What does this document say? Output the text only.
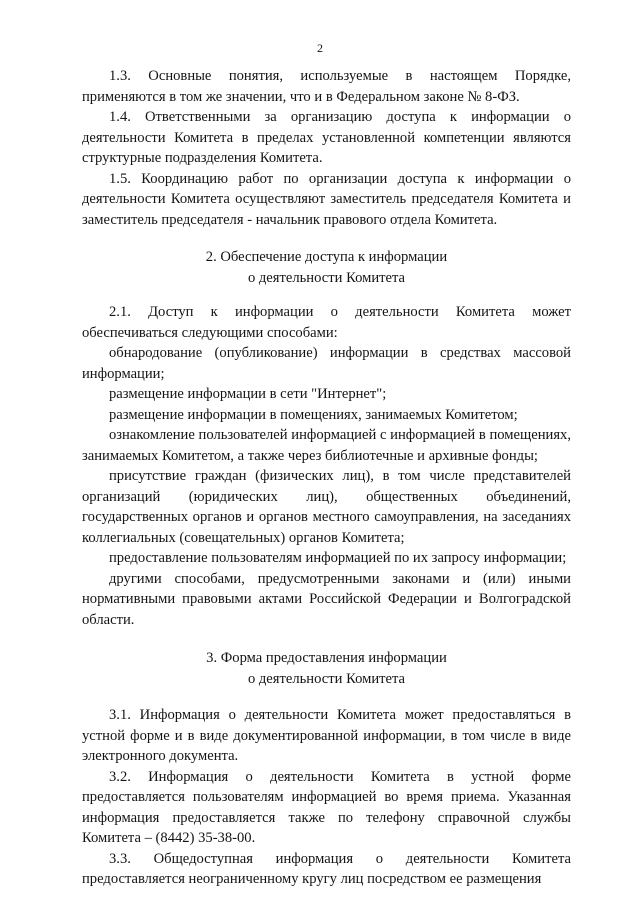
2

1.3. Основные понятия, используемые в настоящем Порядке, применяются в том же значении, что и в Федеральном законе № 8-ФЗ.

1.4. Ответственными за организацию доступа к информации о деятельности Комитета в пределах установленной компетенции являются структурные подразделения Комитета.

1.5. Координацию работ по организации доступа к информации о деятельности Комитета осуществляют заместитель председателя Комитета и заместитель председателя - начальник правового отдела Комитета.

2. Обеспечение доступа к информации
о деятельности Комитета

2.1. Доступ к информации о деятельности Комитета может обеспечиваться следующими способами:

обнародование (опубликование) информации в средствах массовой информации;

размещение информации в сети "Интернет";

размещение информации в помещениях, занимаемых Комитетом;

ознакомление пользователей информацией с информацией в помещениях, занимаемых Комитетом, а также через библиотечные и архивные фонды;

присутствие граждан (физических лиц), в том числе представителей организаций (юридических лиц), общественных объединений, государственных органов и органов местного самоуправления, на заседаниях коллегиальных (совещательных) органов Комитета;

предоставление пользователям информацией по их запросу информации;

другими способами, предусмотренными законами и (или) иными нормативными правовыми актами Российской Федерации и Волгоградской области.

3. Форма предоставления информации
о деятельности Комитета

3.1. Информация о деятельности Комитета может предоставляться в устной форме и в виде документированной информации, в том числе в виде электронного документа.

3.2. Информация о деятельности Комитета в устной форме предоставляется пользователям информацией во время приема. Указанная информация предоставляется также по телефону справочной службы Комитета – (8442) 35-38-00.

3.3. Общедоступная информация о деятельности Комитета предоставляется неограниченному кругу лиц посредством ее размещения
